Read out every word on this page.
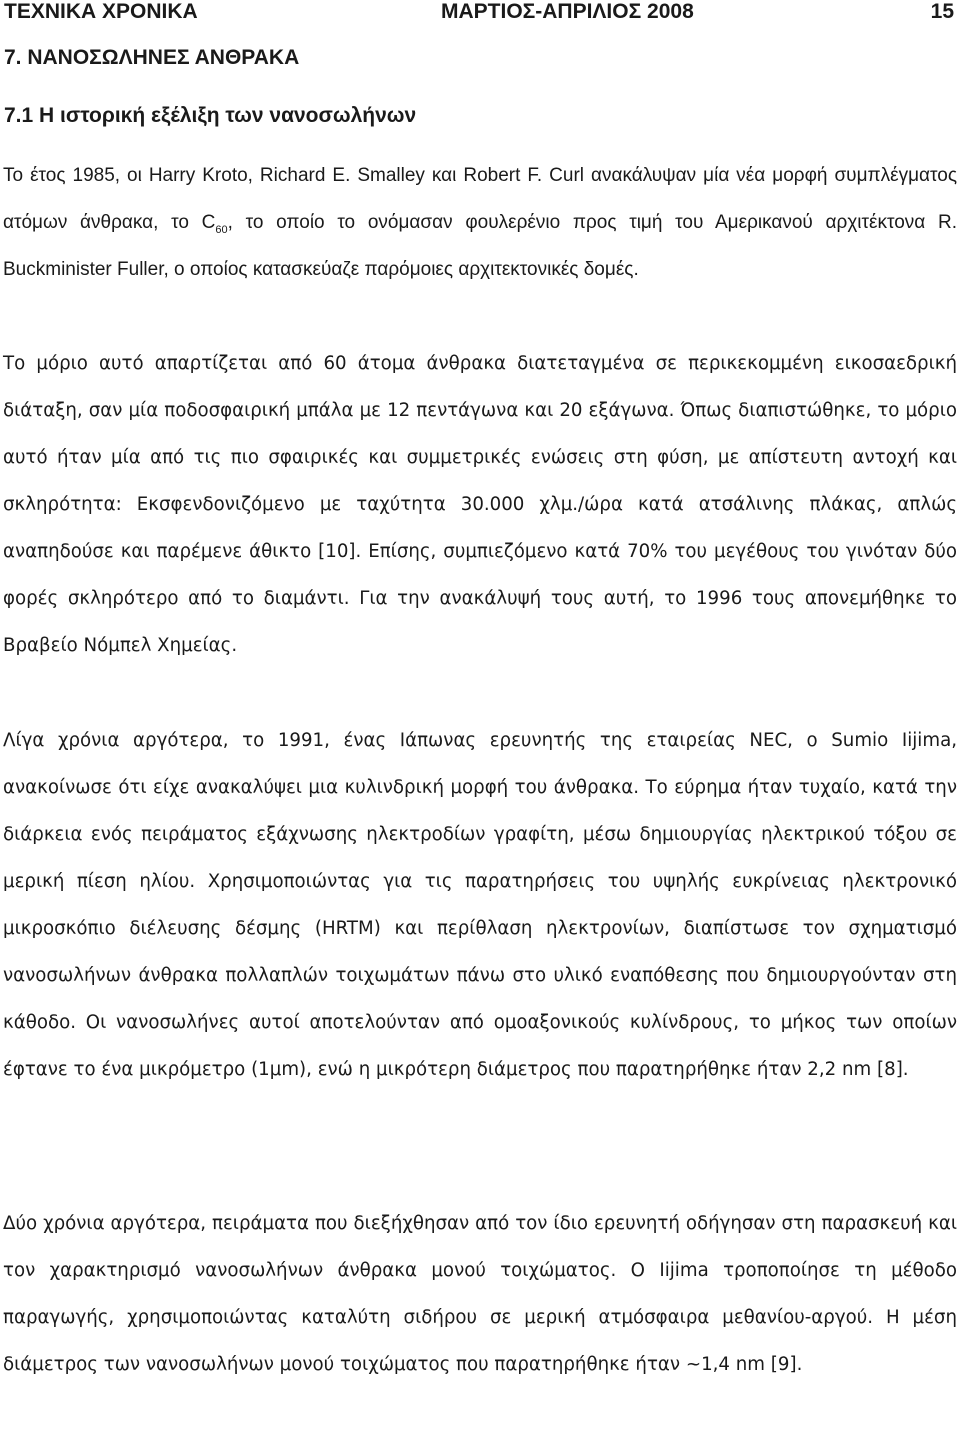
ΤΕΧΝΙΚΑ ΧΡΟΝΙΚΑ	ΜΑΡΤΙΟΣ-ΑΠΡΙΛΙΟΣ 2008	15
7. ΝΑΝΟΣΩΛΗΝΕΣ ΑΝΘΡΑΚΑ
7.1 Η ιστορική εξέλιξη των νανοσωλήνων
Το έτος 1985, οι Harry Kroto, Richard E. Smalley και Robert F. Curl ανακάλυψαν μία νέα μορφή συμπλέγματος ατόμων άνθρακα, το $C_{60}$, το οποίο το ονόμασαν φουλερένιο προς τιμή του Αμερικανού αρχιτέκτονα R. Buckminister Fuller, ο οποίος κατασκεύαζε παρόμοιες αρχιτεκτονικές δομές.
Το μόριο αυτό απαρτίζεται από 60 άτομα άνθρακα διατεταγμένα σε περικεκομμένη εικοσαεδρική διάταξη, σαν μία ποδοσφαιρική μπάλα με 12 πεντάγωνα και 20 εξάγωνα. Όπως διαπιστώθηκε, το μόριο αυτό ήταν μία από τις πιο σφαιρικές και συμμετρικές ενώσεις στη φύση, με απίστευτη αντοχή και σκληρότητα: Εκσφενδονιζόμενο με ταχύτητα 30.000 χλμ./ώρα κατά ατσάλινης πλάκας, απλώς αναπηδούσε και παρέμενε άθικτο [10]. Επίσης, συμπιεζόμενο κατά 70% του μεγέθους του γινόταν δύο φορές σκληρότερο από το διαμάντι. Για την ανακάλυψή τους αυτή, το 1996 τους απονεμήθηκε το Βραβείο Νόμπελ Χημείας.
Λίγα χρόνια αργότερα, το 1991, ένας Ιάπωνας ερευνητής της εταιρείας NEC, ο Sumio Iijima, ανακοίνωσε ότι είχε ανακαλύψει μια κυλινδρική μορφή του άνθρακα. Το εύρημα ήταν τυχαίο, κατά την διάρκεια ενός πειράματος εξάχνωσης ηλεκτροδίων γραφίτη, μέσω δημιουργίας ηλεκτρικού τόξου σε μερική πίεση ηλίου. Χρησιμοποιώντας για τις παρατηρήσεις του υψηλής ευκρίνειας ηλεκτρονικό μικροσκόπιο διέλευσης δέσμης (HRTM) και περίθλαση ηλεκτρονίων, διαπίστωσε τον σχηματισμό νανοσωλήνων άνθρακα πολλαπλών τοιχωμάτων πάνω στο υλικό εναπόθεσης που δημιουργούνταν στη κάθοδο. Οι νανοσωλήνες αυτοί αποτελούνταν από ομοαξονικούς κυλίνδρους, το μήκος των οποίων έφτανε το ένα μικρόμετρο (1μm), ενώ η μικρότερη διάμετρος που παρατηρήθηκε ήταν 2,2 nm [8].
Δύο χρόνια αργότερα, πειράματα που διεξήχθησαν από τον ίδιο ερευνητή οδήγησαν στη παρασκευή και τον χαρακτηρισμό νανοσωλήνων άνθρακα μονού τοιχώματος. Ο Iijima τροποποίησε τη μέθοδο παραγωγής, χρησιμοποιώντας καταλύτη σιδήρου σε μερική ατμόσφαιρα μεθανίου-αργού. Η μέση διάμετρος των νανοσωλήνων μονού τοιχώματος που παρατηρήθηκε ήταν ~1,4 nm [9].
